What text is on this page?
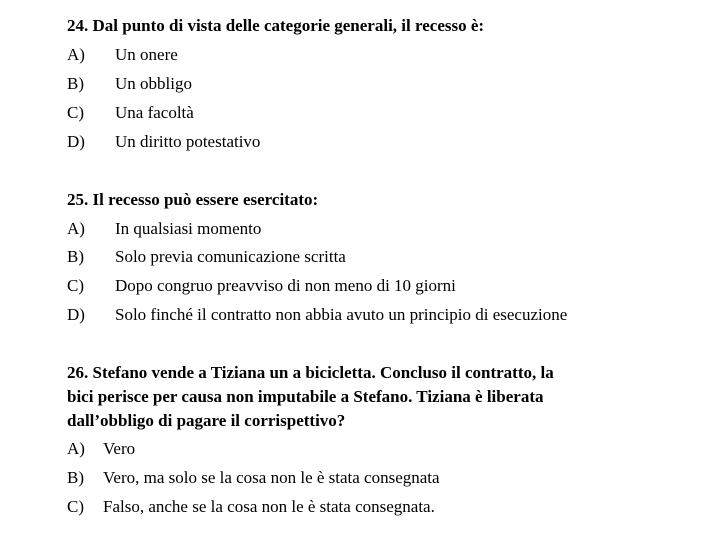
24. Dal punto di vista delle categorie generali, il recesso è:
A) Un onere
B) Un obbligo
C) Una facoltà
D) Un diritto potestativo
25. Il recesso può essere esercitato:
A) In qualsiasi momento
B) Solo previa comunicazione scritta
C) Dopo congruo preavviso di non meno di 10 giorni
D) Solo finché il contratto non abbia avuto un principio di esecuzione
26. Stefano vende a Tiziana un a bicicletta. Concluso il contratto, la
bici perisce per causa non imputabile a Stefano. Tiziana è liberata
dall’obbligo di pagare il corrispettivo?
A) Vero
B) Vero, ma solo se la cosa non le è stata consegnata
C) Falso, anche se la cosa non le è stata consegnata.
